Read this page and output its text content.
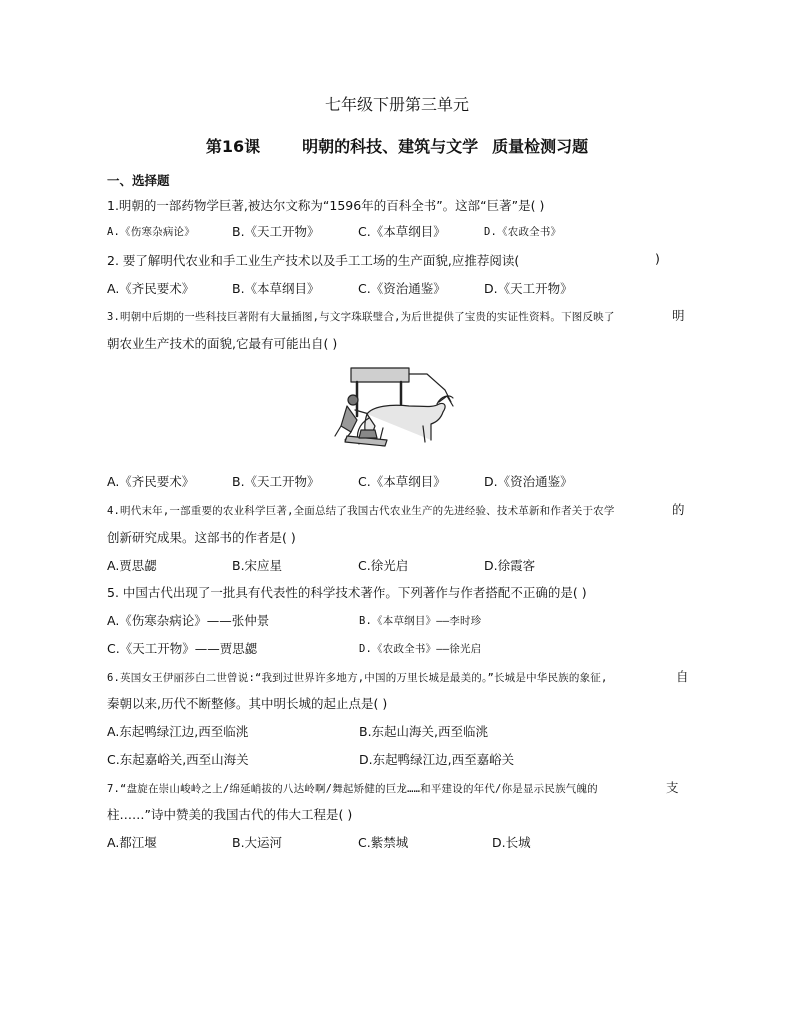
七年级下册第三单元
第16课	明朝的科技、建筑与文学 质量检测习题
一、选择题
1.明朝的一部药物学巨著,被达尔文称为“1596年的百科全书”。这部“巨著”是( )
A.《伤寒杂病论》	B.《天工开物》	C.《本草纲目》	D.《农政全书》
2. 要了解明代农业和手工业生产技术以及手工工场的生产面貌,应推荐阅读(	)
A.《齐民要术》	B.《本草纲目》	C.《资治通鉴》	D.《天工开物》
3.明朝中后期的一些科技巨著附有大量插图,与文字珠联璧合,为后世提供了宝贵的实证性资料。下图反映了	明
朝农业生产技术的面貌,它最有可能出自( )
A.《齐民要术》	B.《天工开物》	C.《本草纲目》	D.《资治通鉴》
4.明代末年,一部重要的农业科学巨著,全面总结了我国古代农业生产的先进经验、技术革新和作者关于农学	的
创新研究成果。这部书的作者是( )
A.贾思勰	B.宋应星	C.徐光启	D.徐霞客
5. 中国古代出现了一批具有代表性的科学技术著作。下列著作与作者搭配不正确的是( )
A.《伤寒杂病论》——张仲景	B.《本草纲目》——李时珍
C.《天工开物》——贾思勰	D.《农政全书》——徐光启
6.英国女王伊丽莎白二世曾说:“我到过世界许多地方,中国的万里长城是最美的。”长城是中华民族的象征,	自
秦朝以来,历代不断整修。其中明长城的起止点是( )
A.东起鸭绿江边,西至临洮	B.东起山海关,西至临洮
C.东起嘉峪关,西至山海关	D.东起鸭绿江边,西至嘉峪关
7.“盘旋在崇山峻岭之上/绵延峭拔的八达岭啊/舞起矫健的巨龙……和平建设的年代/你是显示民族气魄的	支
柱……”诗中赞美的我国古代的伟大工程是( )
A.都江堰	B.大运河	C.紫禁城	D.长城
